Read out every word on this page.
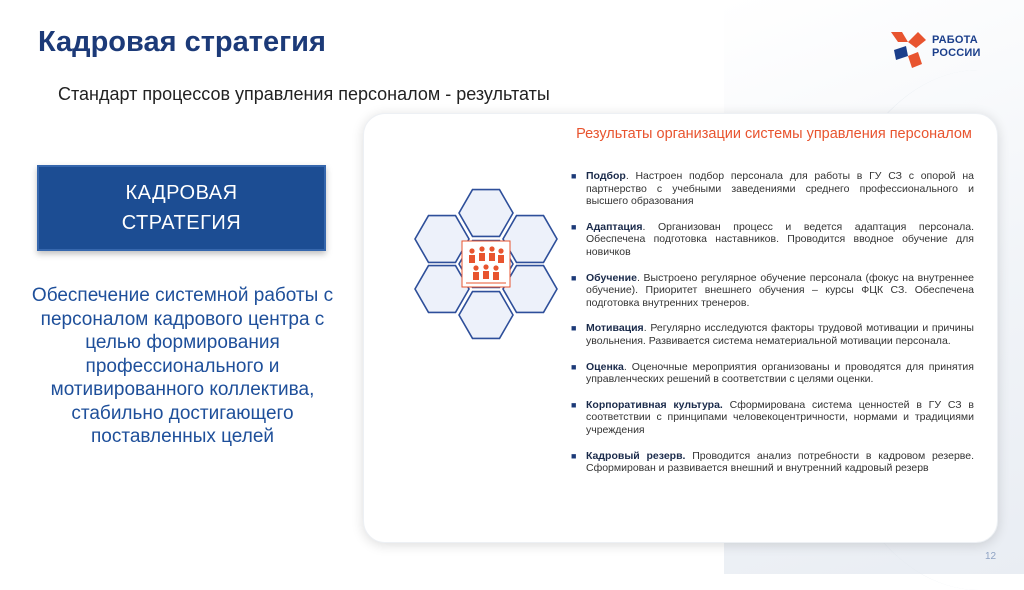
Кадровая стратегия	РАБОТА
РОССИИ
Стандарт процессов управления персоналом - результаты
КАДРОВАЯ
СТРАТЕГИЯ
Обеспечение системной работы с персоналом кадрового центра с целью формирования профессионального и мотивированного коллектива, стабильно достигающего поставленных целей
Результаты организации системы управления персоналом
■ Подбор. Настроен подбор персонала для работы в ГУ СЗ с опорой на партнерство с учебными заведениями среднего профессионального и высшего образования
■ Адаптация. Организован процесс и ведется адаптация персонала. Обеспечена подготовка наставников. Проводится вводное обучение для новичков
■ Обучение. Выстроено регулярное обучение персонала (фокус на внутреннее обучение). Приоритет внешнего обучения – курсы ФЦК СЗ. Обеспечена подготовка внутренних тренеров.
■ Мотивация. Регулярно исследуются факторы трудовой мотивации и причины увольнения. Развивается система нематериальной мотивации персонала.
■ Оценка. Оценочные мероприятия организованы и проводятся для принятия управленческих решений в соответствии с целями оценки.
■ Корпоративная культура. Сформирована система ценностей в ГУ СЗ в соответствии с принципами человекоцентричности, нормами и традициями учреждения
■ Кадровый резерв. Проводится анализ потребности в кадровом резерве. Сформирован и развивается внешний и внутренний кадровый резерв
12
